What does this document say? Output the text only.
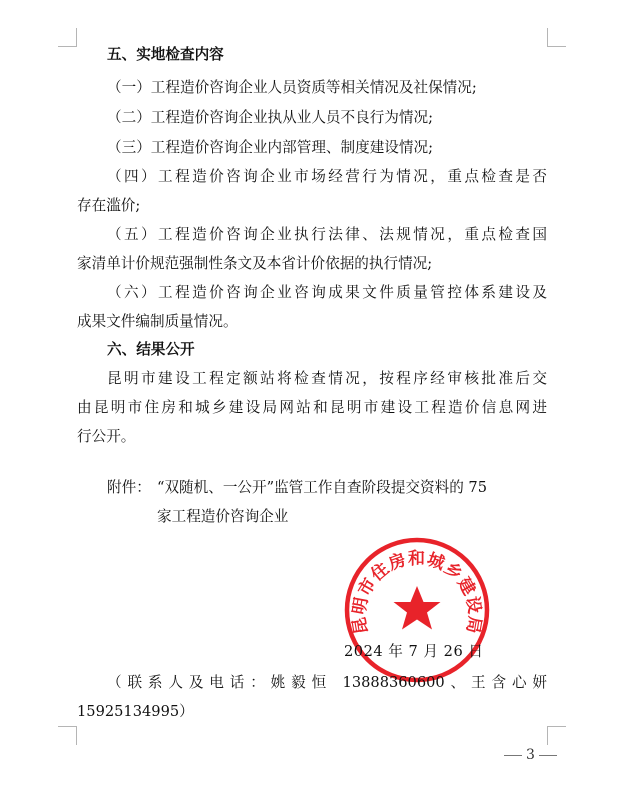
五、实地检查内容
（一）工程造价咨询企业人员资质等相关情况及社保情况;
（二）工程造价咨询企业执从业人员不良行为情况;
（三）工程造价咨询企业内部管理、制度建设情况;
（四）工程造价咨询企业市场经营行为情况，重点检查是否
存在滥价;
（五）工程造价咨询企业执行法律、法规情况，重点检查国
家清单计价规范强制性条文及本省计价依据的执行情况;
（六）工程造价咨询企业咨询成果文件质量管控体系建设及
成果文件编制质量情况。
六、结果公开
昆明市建设工程定额站将检查情况，按程序经审核批准后交
由昆明市住房和城乡建设局网站和昆明市建设工程造价信息网进
行公开。
附件： “双随机、一公开”监管工作自查阶段提交资料的 75
家工程造价咨询企业
昆明市住房和城乡建设局
2024 年 7 月 26 日
（联系人及电话：姚毅恒 13888360600、王含心妍
15925134995）
3
